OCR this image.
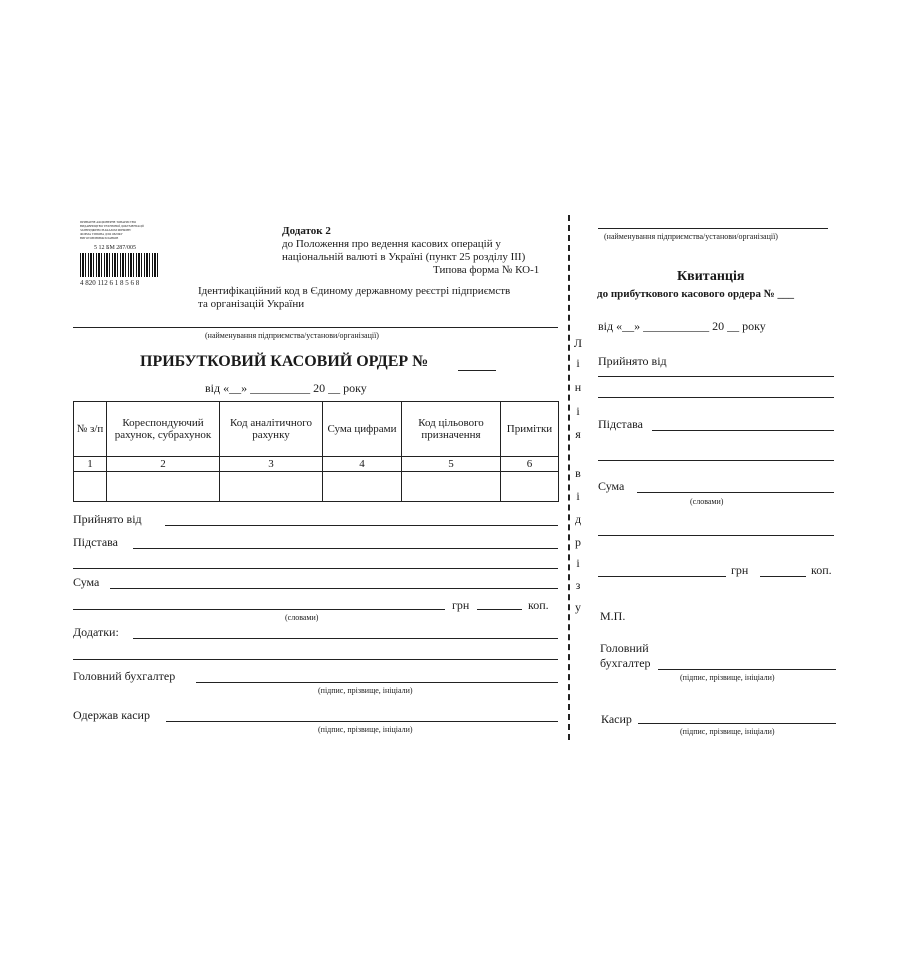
ПРИВАТНЕ АКЦІОНЕРНЕ ТОВАРИСТВО
ВИДАВНИЦТВО ТЕХНІЧНОЇ ДОКУМЕНТАЦІЇ
ЗАТВЕРДЖЕНО НАКАЗОМ МІНФІНУ
ФОРМА ТИПОВА ДЛЯ ОБЛІКУ
ВИГОТОВЛЮВАЧ БЛАНКІВ
5 12 БМ 287/005
4 820 112 6 1 8 5 6 8
Додаток 2
до Положення про ведення касових операцій у
національній валюті в Україні (пункт 25 розділу ІІІ)
Типова форма № КО-1
Ідентифікаційний код в Єдиному державному реєстрі підприємств
та організацій України
(найменування підприємства/установи/організації)
ПРИБУТКОВИЙ КАСОВИЙ ОРДЕР №
від «__» __________ 20 __ року
№ з/п	Кореспондуючий рахунок, субрахунок	Код аналітичного рахунку	Сума цифрами	Код цільового призначення	Примітки
1	2	3	4	5	6

Прийнято від
Підстава
Сума
грн	коп.
(словами)
Додатки:
Головний бухгалтер
(підпис, прізвище, ініціали)
Одержав касир
(підпис, прізвище, ініціали)
Л
і
н
і
я
в
і
д
р
і
з
у
(найменування підприємства/установи/організації)
Квитанція
до прибуткового касового ордера № ___
від «__» ___________ 20 __ року
Прийнято від
Підстава
Сума
(словами)
грн	коп.
М.П.
Головний
бухгалтер
(підпис, прізвище, ініціали)
Касир
(підпис, прізвище, ініціали)
